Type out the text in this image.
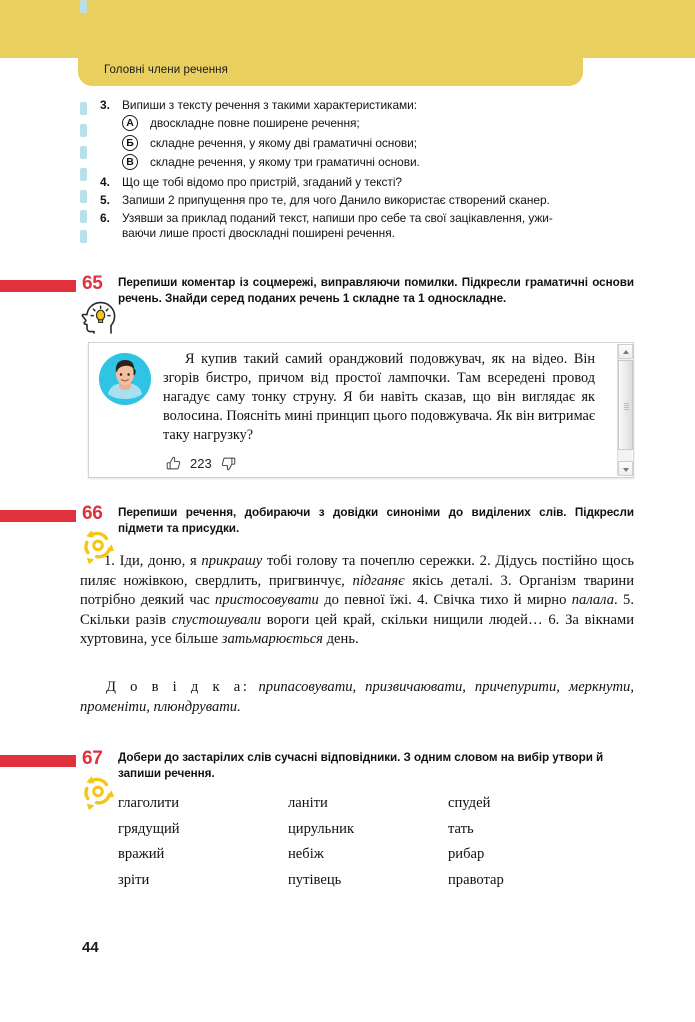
Головні члени речення
3.	Випиши з тексту речення з такими характеристиками:
А	двоскладне повне поширене речення;
Б	складне речення, у якому дві граматичні основи;
В	складне речення, у якому три граматичні основи.
4.	Що ще тобі відомо про пристрій, згаданий у тексті?
5.	Запиши 2 припущення про те, для чого Данило використає створений сканер.
6.	Узявши за приклад поданий текст, напиши про себе та свої зацікавлення, ужи-
ваючи лише прості двоскладні поширені речення.
65 Перепиши коментар із соцмережі, виправляючи помилки. Підкресли граматичні основи речень. Знайди серед поданих речень 1 складне та 1 односкладне.
Я купив такий самий оранджовий подовжувач, як на відео. Він згорів бистро, причом від простої лампочки. Там всередені провод нагадує саму тонку струну. Я би навіть сказав, що він виглядає як волосина. Поясніть мині принцип цього подовжувача. Як він витримає таку нагрузку?
223
66 Перепиши речення, добираючи з довідки синоніми до виділених слів. Підкресли підмети та присудки.
1. Іди, доню, я прикрашу тобі голову та почеплю сережки. 2. Дідусь постійно щось пиляє ножівкою, свердлить, пригвинчує, підганяє якісь деталі. 3. Організм тварини потрібно деякий час пристосовувати до певної їжі. 4. Свічка тихо й мирно палала. 5. Скільки разів спустошували вороги цей край, скільки нищили людей… 6. За вікнами хуртовина, усе більше затьмарюється день.
Д о в і д к а: припасовувати, призвичаювати, причепурити, меркнути, променіти, плюндрувати.
67 Добери до застарілих слів сучасні відповідники. З одним словом на вибір утвори й запиши речення.
глаголити	ланіти	спудей
грядущий	цирульник	тать
вражий	небіж	рибар
зріти	путівець	правотар
44
